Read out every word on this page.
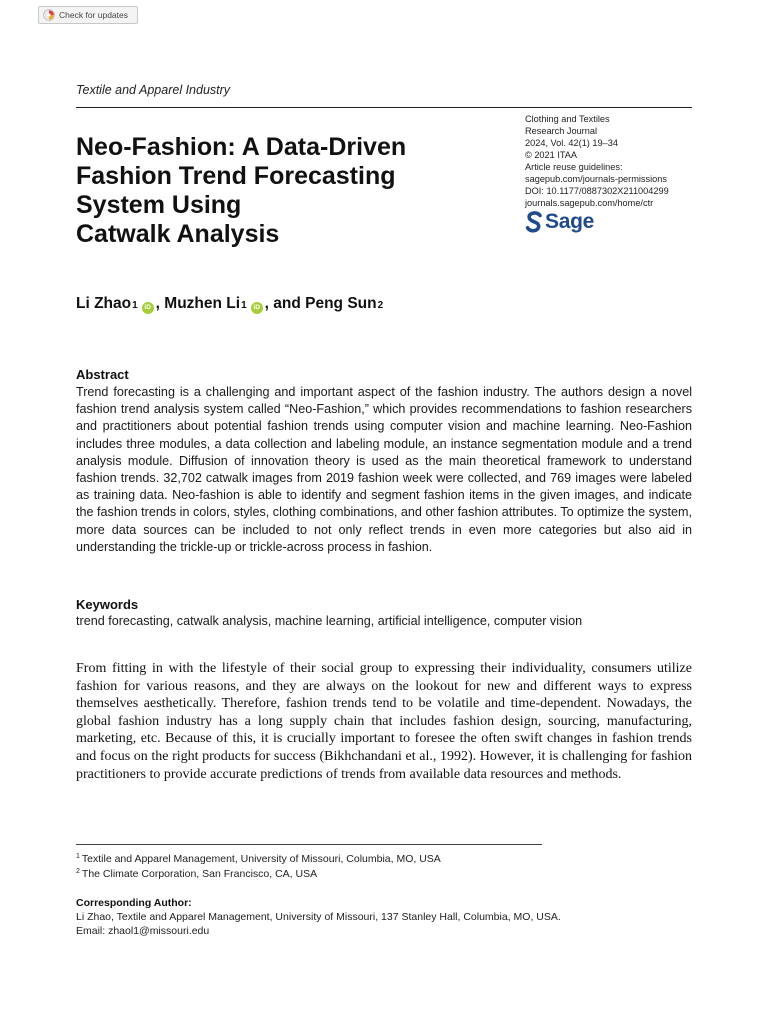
Check for updates
Textile and Apparel Industry
Neo-Fashion: A Data-Driven
Fashion Trend Forecasting
System Using
Catwalk Analysis
Clothing and Textiles
Research Journal
2024, Vol. 42(1) 19–34
© 2021 ITAA
Article reuse guidelines:
sagepub.com/journals-permissions
DOI: 10.1177/0887302X211004299
journals.sagepub.com/home/ctr
Sage
Li Zhao 1	iD , Muzhen Li 1	iD , and Peng Sun 2
Abstract

Trend forecasting is a challenging and important aspect of the fashion industry. The authors design a novel fashion trend analysis system called “Neo-Fashion,” which provides recommendations to fashion researchers and practitioners about potential fashion trends using computer vision and machine learning. Neo-Fashion includes three modules, a data collection and labeling module, an instance segmentation module and a trend analysis module. Diffusion of innovation theory is used as the main theoretical framework to understand fashion trends. 32,702 catwalk images from 2019 fashion week were collected, and 769 images were labeled as training data. Neo-fashion is able to identify and segment fashion items in the given images, and indicate the fashion trends in colors, styles, clothing combinations, and other fashion attributes. To optimize the system, more data sources can be included to not only reflect trends in even more categories but also aid in understanding the trickle-up or trickle-across process in fashion.

Keywords
trend forecasting, catwalk analysis, machine learning, artificial intelligence, computer vision

From fitting in with the lifestyle of their social group to expressing their individuality, consumers utilize fashion for various reasons, and they are always on the lookout for new and different ways to express themselves aesthetically. Therefore, fashion trends tend to be volatile and time-dependent. Nowadays, the global fashion industry has a long supply chain that includes fashion design, sourcing, manufacturing, marketing, etc. Because of this, it is crucially important to foresee the often swift changes in fashion trends and focus on the right products for success (Bikhchandani et al., 1992). However, it is challenging for fashion practitioners to provide accurate predictions of trends from available data resources and methods.

$^1$ Textile and Apparel Management, University of Missouri, Columbia, MO, USA
$^2$ The Climate Corporation, San Francisco, CA, USA
Corresponding Author:
Li Zhao, Textile and Apparel Management, University of Missouri, 137 Stanley Hall, Columbia, MO, USA.
Email: zhaol1@missouri.edu
